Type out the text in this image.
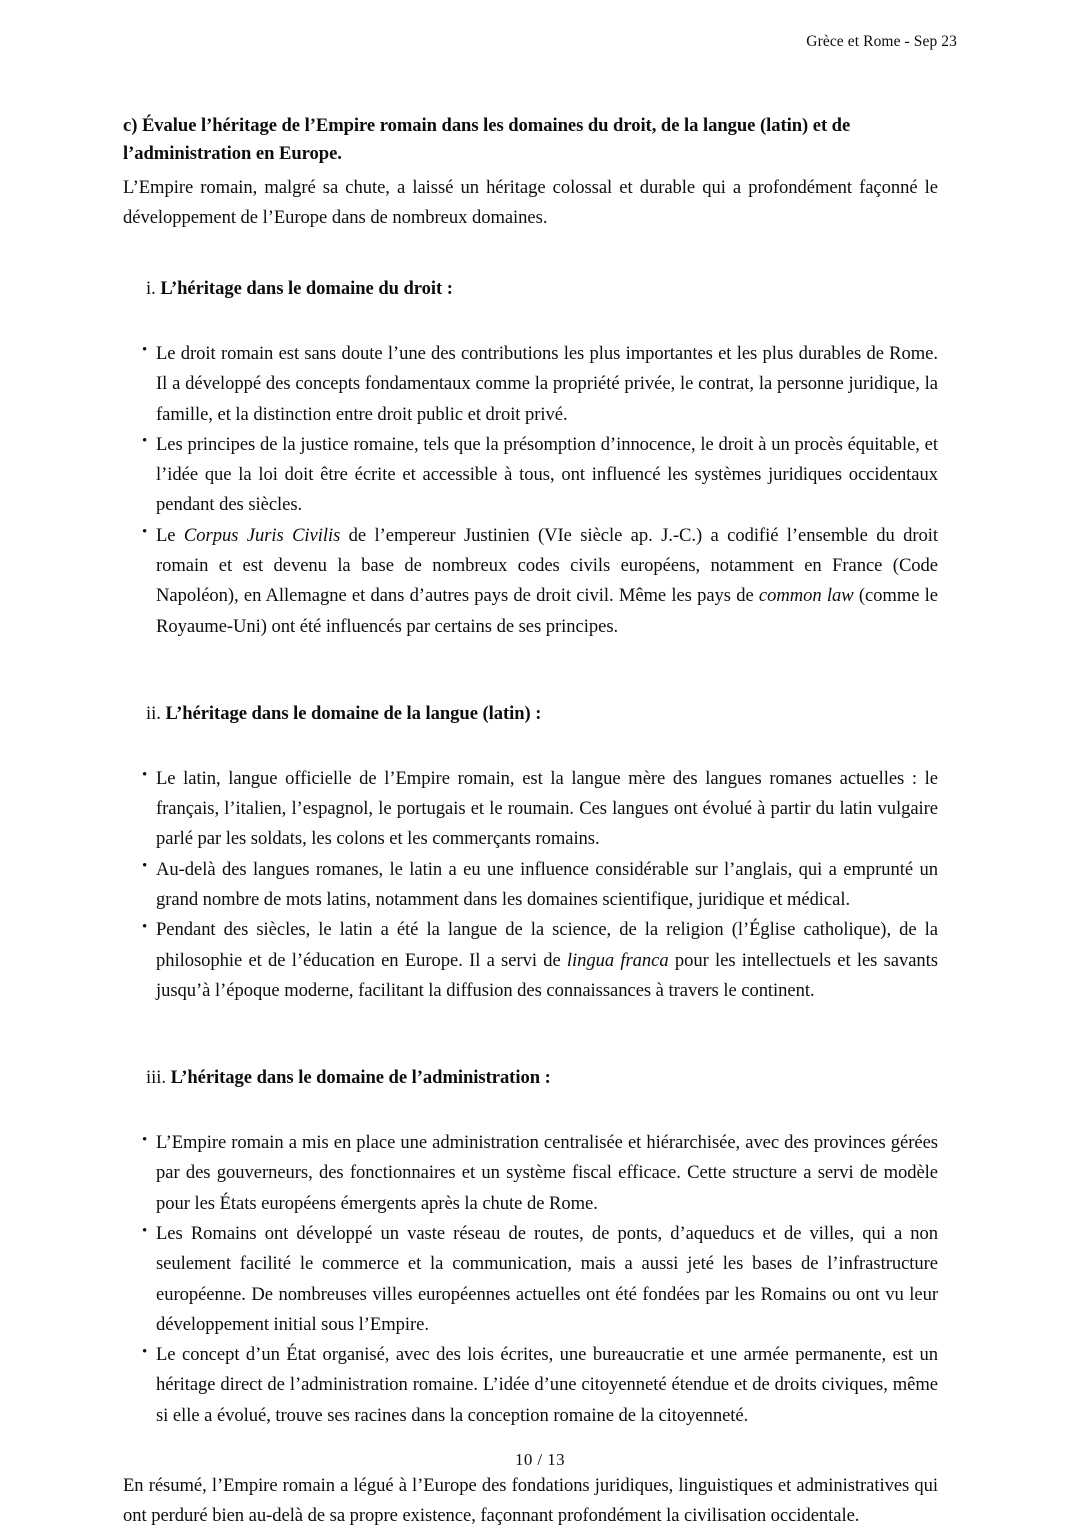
Grèce et Rome - Sep 23
c) Évalue l’héritage de l’Empire romain dans les domaines du droit, de la langue (latin) et de l’administration en Europe.

L’Empire romain, malgré sa chute, a laissé un héritage colossal et durable qui a profondément façonné le développement de l’Europe dans de nombreux domaines.

i. L’héritage dans le domaine du droit :
• Le droit romain est sans doute l’une des contributions les plus importantes et les plus durables de Rome. Il a développé des concepts fondamentaux comme la propriété privée, le contrat, la personne juridique, la famille, et la distinction entre droit public et droit privé.
• Les principes de la justice romaine, tels que la présomption d’innocence, le droit à un procès équitable, et l’idée que la loi doit être écrite et accessible à tous, ont influencé les systèmes juridiques occidentaux pendant des siècles.
• Le Corpus Juris Civilis de l’empereur Justinien (VIe siècle ap. J.-C.) a codifié l’ensemble du droit romain et est devenu la base de nombreux codes civils européens, notamment en France (Code Napoléon), en Allemagne et dans d’autres pays de droit civil. Même les pays de common law (comme le Royaume-Uni) ont été influencés par certains de ses principes.
ii. L’héritage dans le domaine de la langue (latin) :
• Le latin, langue officielle de l’Empire romain, est la langue mère des langues romanes actuelles : le français, l’italien, l’espagnol, le portugais et le roumain. Ces langues ont évolué à partir du latin vulgaire parlé par les soldats, les colons et les commerçants romains.
• Au-delà des langues romanes, le latin a eu une influence considérable sur l’anglais, qui a emprunté un grand nombre de mots latins, notamment dans les domaines scientifique, juridique et médical.
• Pendant des siècles, le latin a été la langue de la science, de la religion (l’Église catholique), de la philosophie et de l’éducation en Europe. Il a servi de lingua franca pour les intellectuels et les savants jusqu’à l’époque moderne, facilitant la diffusion des connaissances à travers le continent.
iii. L’héritage dans le domaine de l’administration :
• L’Empire romain a mis en place une administration centralisée et hiérarchisée, avec des provinces gérées par des gouverneurs, des fonctionnaires et un système fiscal efficace. Cette structure a servi de modèle pour les États européens émergents après la chute de Rome.
• Les Romains ont développé un vaste réseau de routes, de ponts, d’aqueducs et de villes, qui a non seulement facilité le commerce et la communication, mais a aussi jeté les bases de l’infrastructure européenne. De nombreuses villes européennes actuelles ont été fondées par les Romains ou ont vu leur développement initial sous l’Empire.
• Le concept d’un État organisé, avec des lois écrites, une bureaucratie et une armée permanente, est un héritage direct de l’administration romaine. L’idée d’une citoyenneté étendue et de droits civiques, même si elle a évolué, trouve ses racines dans la conception romaine de la citoyenneté.

En résumé, l’Empire romain a légué à l’Europe des fondations juridiques, linguistiques et administratives qui ont perduré bien au-delà de sa propre existence, façonnant profondément la civilisation occidentale.

10 / 13
